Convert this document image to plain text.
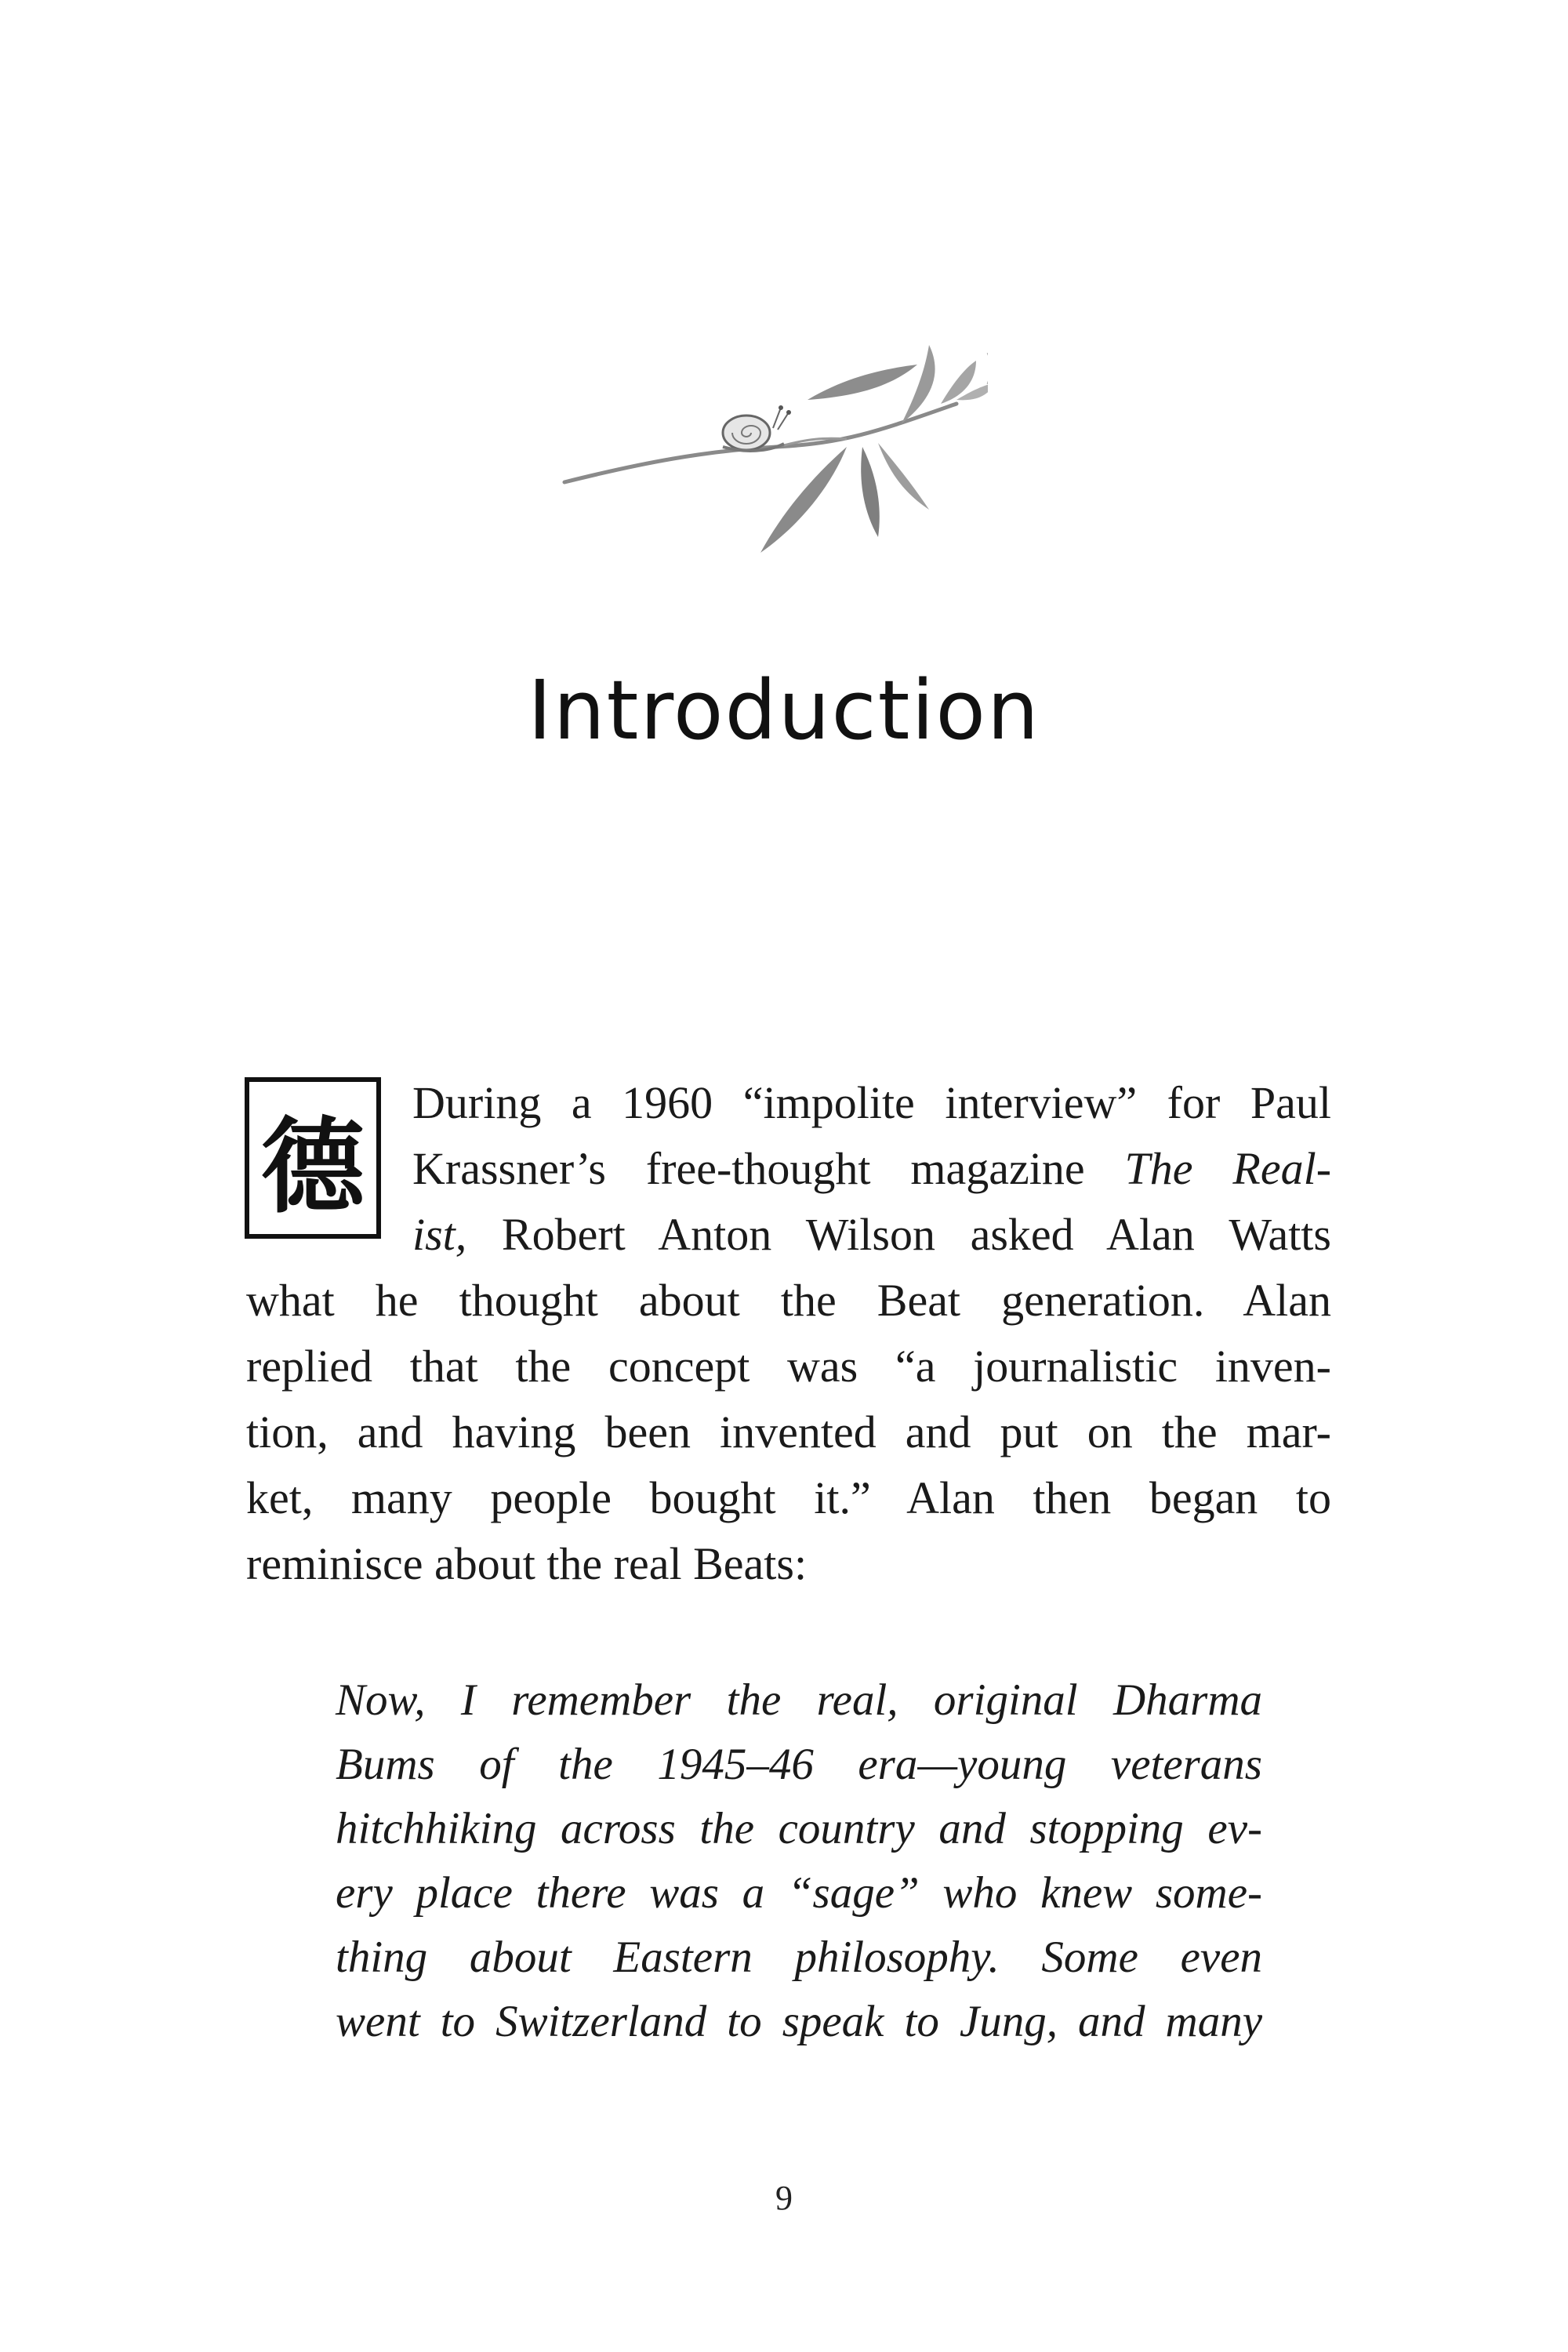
Introduction
德
During a 1960 “impolite interview” for Paul
Krassner’s free-thought magazine The Real-
ist, Robert Anton Wilson asked Alan Watts
what he thought about the Beat generation. Alan
replied that the concept was “a journalistic inven-
tion, and having been invented and put on the mar-
ket, many people bought it.” Alan then began to
reminisce about the real Beats:
Now, I remember the real, original Dharma
Bums of the 1945–46 era—young veterans
hitchhiking across the country and stopping ev-
ery place there was a “sage” who knew some-
thing about Eastern philosophy. Some even
went to Switzerland to speak to Jung, and many
9
